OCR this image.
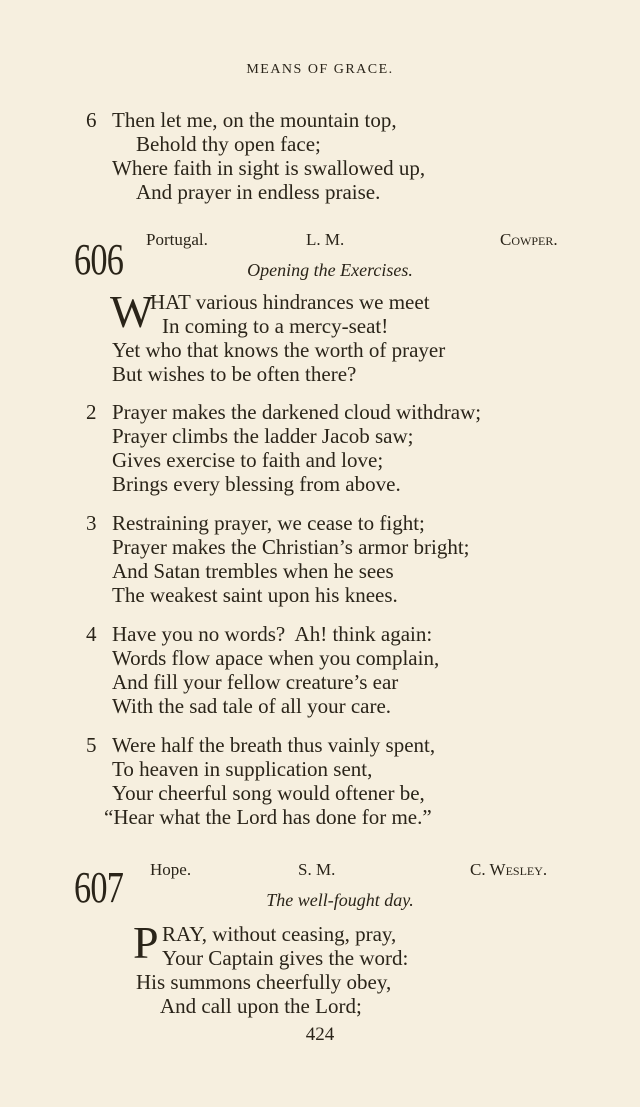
MEANS OF GRACE.
6 Then let me, on the mountain top,
Behold thy open face;
Where faith in sight is swallowed up,
And prayer in endless praise.
606 Portugal.	L. M.	Cowper.
Opening the Exercises.
W
HAT various hindrances we meet
In coming to a mercy-seat!
Yet who that knows the worth of prayer
But wishes to be often there?
2 Prayer makes the darkened cloud withdraw;
Prayer climbs the ladder Jacob saw;
Gives exercise to faith and love;
Brings every blessing from above.
3 Restraining prayer, we cease to fight;
Prayer makes the Christian’s armor bright;
And Satan trembles when he sees
The weakest saint upon his knees.
4 Have you no words?  Ah! think again:
Words flow apace when you complain,
And fill your fellow creature’s ear
With the sad tale of all your care.
5 Were half the breath thus vainly spent,
To heaven in supplication sent,
Your cheerful song would oftener be,
“Hear what the Lord has done for me.”
607 Hope.	S. M.	C. Wesley.
The well-fought day.
P RAY, without ceasing, pray,
Your Captain gives the word:
His summons cheerfully obey,
And call upon the Lord;
424
